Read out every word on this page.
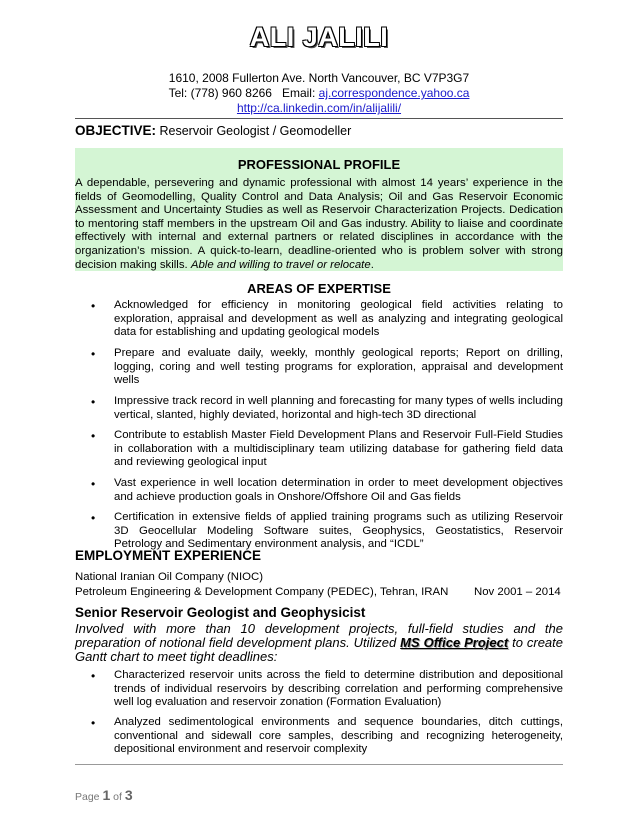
ALI JALILI
1610, 2008 Fullerton Ave. North Vancouver, BC V7P3G7
Tel: (778) 960 8266   Email: aj.correspondence.yahoo.ca
http://ca.linkedin.com/in/alijalili/
OBJECTIVE: Reservoir Geologist / Geomodeller
PROFESSIONAL PROFILE

A dependable, persevering and dynamic professional with almost 14 years’ experience in the fields of Geomodelling, Quality Control and Data Analysis; Oil and Gas Reservoir Economic Assessment and Uncertainty Studies as well as Reservoir Characterization Projects. Dedication to mentoring staff members in the upstream Oil and Gas industry. Ability to liaise and coordinate effectively with internal and external partners or related disciplines in accordance with the organization’s mission. A quick-to-learn, deadline-oriented who is problem solver with strong decision making skills. Able and willing to travel or relocate.

AREAS OF EXPERTISE
• Acknowledged for efficiency in monitoring geological field activities relating to exploration, appraisal and development as well as analyzing and integrating geological data for establishing and updating geological models

• Prepare and evaluate daily, weekly, monthly geological reports; Report on drilling, logging, coring and well testing programs for exploration, appraisal and development wells

• Impressive track record in well planning and forecasting for many types of wells including vertical, slanted, highly deviated, horizontal and high-tech 3D directional

• Contribute to establish Master Field Development Plans and Reservoir Full-Field Studies in collaboration with a multidisciplinary team utilizing database for gathering field data and reviewing geological input

• Vast experience in well location determination in order to meet development objectives and achieve production goals in Onshore/Offshore Oil and Gas fields

• Certification in extensive fields of applied training programs such as utilizing Reservoir 3D Geocellular Modeling Software suites, Geophysics, Geostatistics, Reservoir Petrology and Sedimentary environment analysis, and “ICDL”

EMPLOYMENT EXPERIENCE
National Iranian Oil Company (NIOC)
Petroleum Engineering & Development Company (PEDEC), Tehran, IRAN Nov 2001 – 2014
Senior Reservoir Geologist and Geophysicist

Involved with more than 10 development projects, full-field studies and the preparation of notional field development plans. Utilized MS Office Project to create Gantt chart to meet tight deadlines:

• Characterized reservoir units across the field to determine distribution and depositional trends of individual reservoirs by describing correlation and performing comprehensive well log evaluation and reservoir zonation (Formation Evaluation)

• Analyzed sedimentological environments and sequence boundaries, ditch cuttings, conventional and sidewall core samples, describing and recognizing heterogeneity, depositional environment and reservoir complexity

Page 1 of 3
